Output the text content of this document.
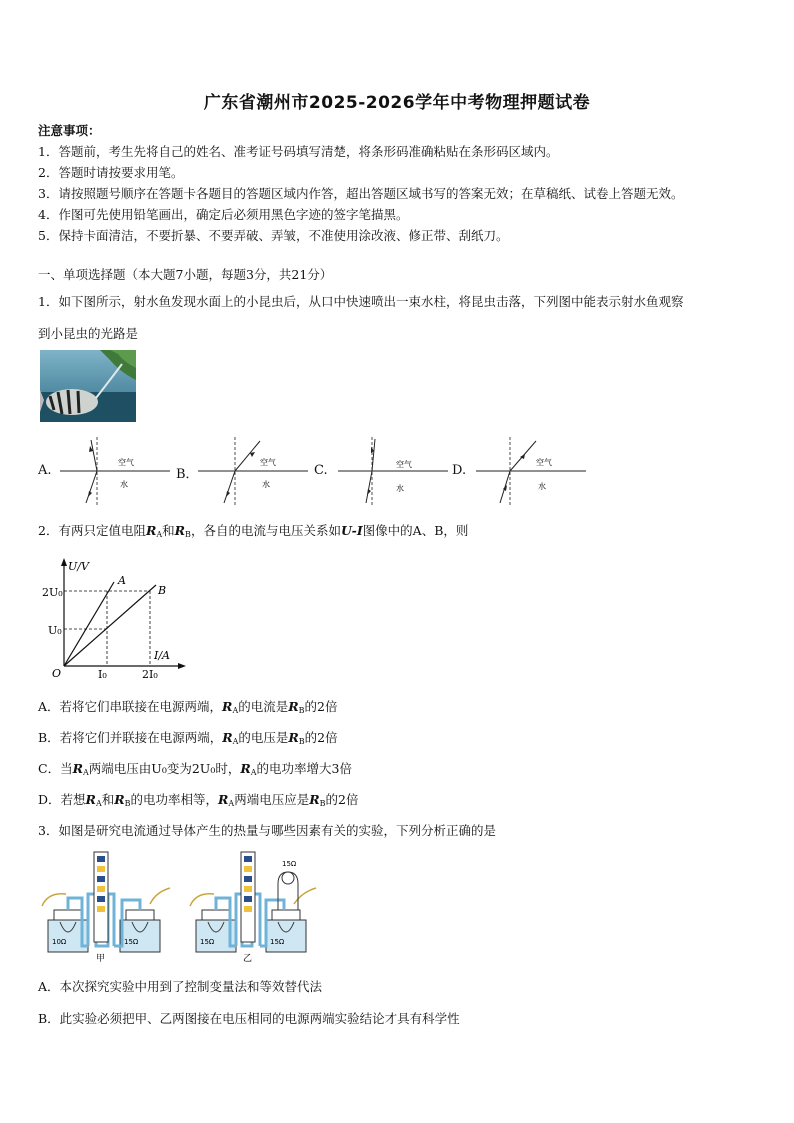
广东省潮州市2025-2026学年中考物理押题试卷
注意事项：
1．答题前，考生先将自己的姓名、准考证号码填写清楚，将条形码准确粘贴在条形码区域内。
2．答题时请按要求用笔。
3．请按照题号顺序在答题卡各题目的答题区域内作答，超出答题区域书写的答案无效；在草稿纸、试卷上答题无效。
4．作图可先使用铅笔画出，确定后必须用黑色字迹的签字笔描黑。
5．保持卡面清洁，不要折暴、不要弄破、弄皱，不准使用涂改液、修正带、刮纸刀。
一、单项选择题（本大题7小题，每题3分，共21分）
1．如下图所示，射水鱼发现水面上的小昆虫后，从口中快速喷出一束水柱，将昆虫击落，下列图中能表示射水鱼观察
到小昆虫的光路是
A.
空气
水
B．
空气
水
C.	空气
水
D.
空气
水
2．有两只定值电阻$R_A$和$R_B$，各自的电流与电压关系如U-I图像中的A、B，则
U/V
I/A
O
2U₀
U₀
I₀	2I₀
A
B
A．若将它们串联接在电源两端，$R_A$的电流是$R_B$的2倍
B．若将它们并联接在电源两端，$R_A$的电压是$R_B$的2倍
C．当$R_A$两端电压由U₀变为2U₀时，$R_A$的电功率增大3倍
D．若想$R_A$和$R_B$的电功率相等，$R_A$两端电压应是$R_B$的2倍
3．如图是研究电流通过导体产生的热量与哪些因素有关的实验，下列分析正确的是
10Ω	15Ω
甲
15Ω
15Ω	15Ω
乙
A．本次探究实验中用到了控制变量法和等效替代法
B．此实验必须把甲、乙两图接在电压相同的电源两端实验结论才具有科学性
